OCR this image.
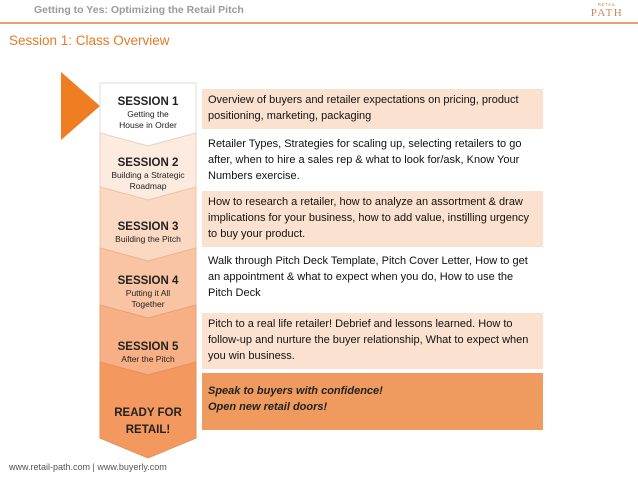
Getting to Yes: Optimizing the Retail Pitch	RETAIL
PATH
Session 1: Class Overview
SESSION 1
Getting the House in Order
SESSION 2
Building a Strategic Roadmap
SESSION 3
Building the Pitch
SESSION 4
Putting it All Together
SESSION 5
After the Pitch
READY FOR
RETAIL!
Overview of buyers and retailer expectations on pricing, product positioning, marketing, packaging
Retailer Types, Strategies for scaling up, selecting retailers to go after, when to hire a sales rep & what to look for/ask, Know Your Numbers exercise.
How to research a retailer, how to analyze an assortment & draw implications for your business, how to add value, instilling urgency to buy your product.
Walk through Pitch Deck Template, Pitch Cover Letter, How to get an appointment & what to expect when you do, How to use the Pitch Deck
Pitch to a real life retailer! Debrief and lessons learned. How to follow-up and nurture the buyer relationship, What to expect when you win business.
Speak to buyers with confidence!
Open new retail doors!
www.retail-path.com | www.buyerly.com
